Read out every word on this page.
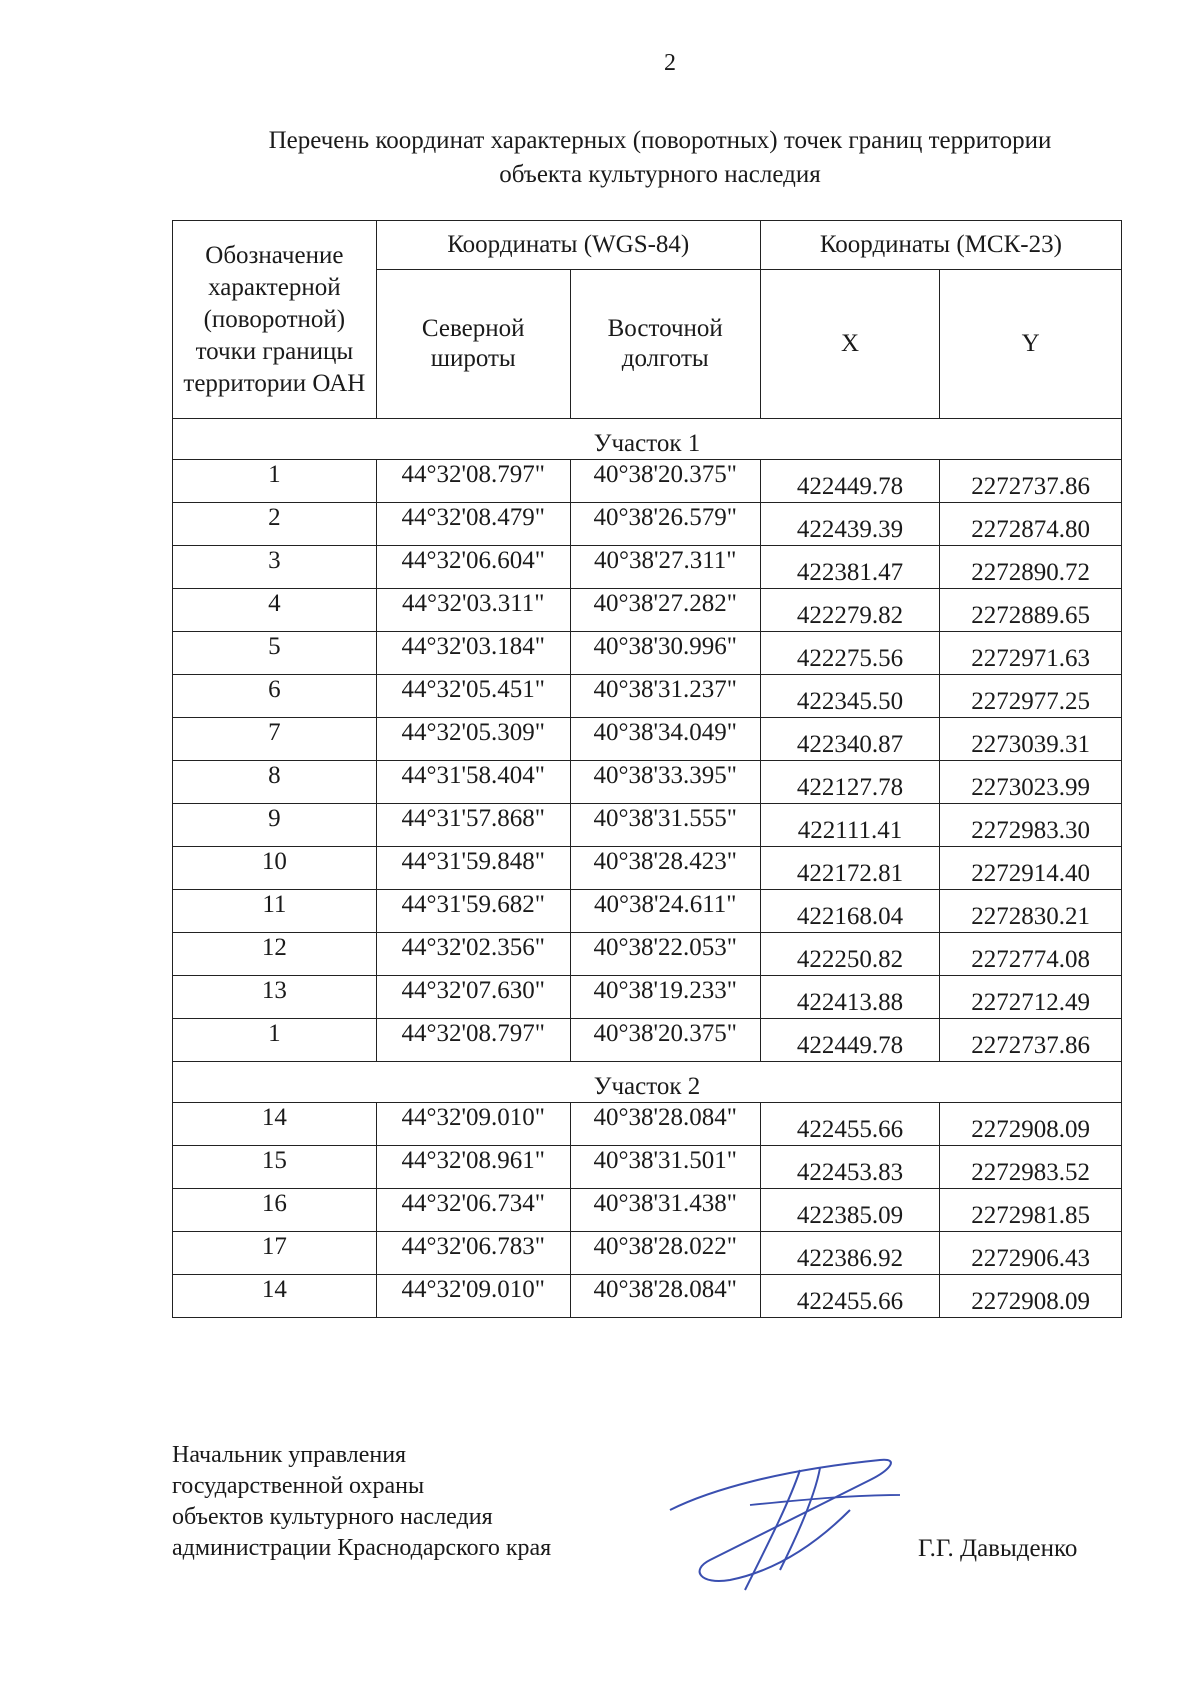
2
Перечень координат характерных (поворотных) точек границ территории
объекта культурного наследия
Обозначение характерной (поворотной) точки границы территории ОАН	Координаты (WGS-84)		Координаты (МСК-23)	
	Северной широты	Восточной долготы	X	Y
Участок 1				
1	44°32'08.797"	40°38'20.375"	422449.78	2272737.86
2	44°32'08.479"	40°38'26.579"	422439.39	2272874.80
3	44°32'06.604"	40°38'27.311"	422381.47	2272890.72
4	44°32'03.311"	40°38'27.282"	422279.82	2272889.65
5	44°32'03.184"	40°38'30.996"	422275.56	2272971.63
6	44°32'05.451"	40°38'31.237"	422345.50	2272977.25
7	44°32'05.309"	40°38'34.049"	422340.87	2273039.31
8	44°31'58.404"	40°38'33.395"	422127.78	2273023.99
9	44°31'57.868"	40°38'31.555"	422111.41	2272983.30
10	44°31'59.848"	40°38'28.423"	422172.81	2272914.40
11	44°31'59.682"	40°38'24.611"	422168.04	2272830.21
12	44°32'02.356"	40°38'22.053"	422250.82	2272774.08
13	44°32'07.630"	40°38'19.233"	422413.88	2272712.49
1	44°32'08.797"	40°38'20.375"	422449.78	2272737.86
Участок 2				
14	44°32'09.010"	40°38'28.084"	422455.66	2272908.09
15	44°32'08.961"	40°38'31.501"	422453.83	2272983.52
16	44°32'06.734"	40°38'31.438"	422385.09	2272981.85
17	44°32'06.783"	40°38'28.022"	422386.92	2272906.43
14	44°32'09.010"	40°38'28.084"	422455.66	2272908.09
Начальник управления
государственной охраны
объектов культурного наследия
администрации Краснодарского края	Г.Г. Давыденко
